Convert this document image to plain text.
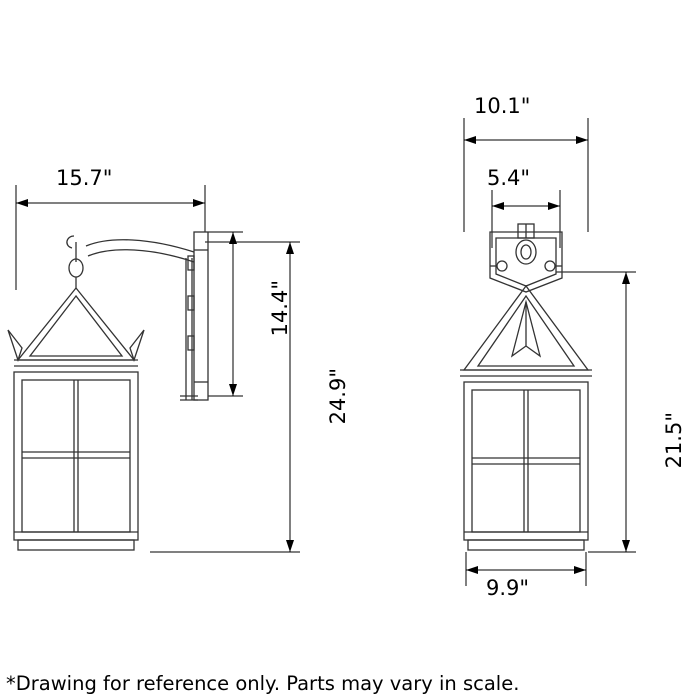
15.7"
14.4"
24.9"
10.1"
5.4"
21.5"
9.9"
*Drawing for reference only. Parts may vary in scale.
